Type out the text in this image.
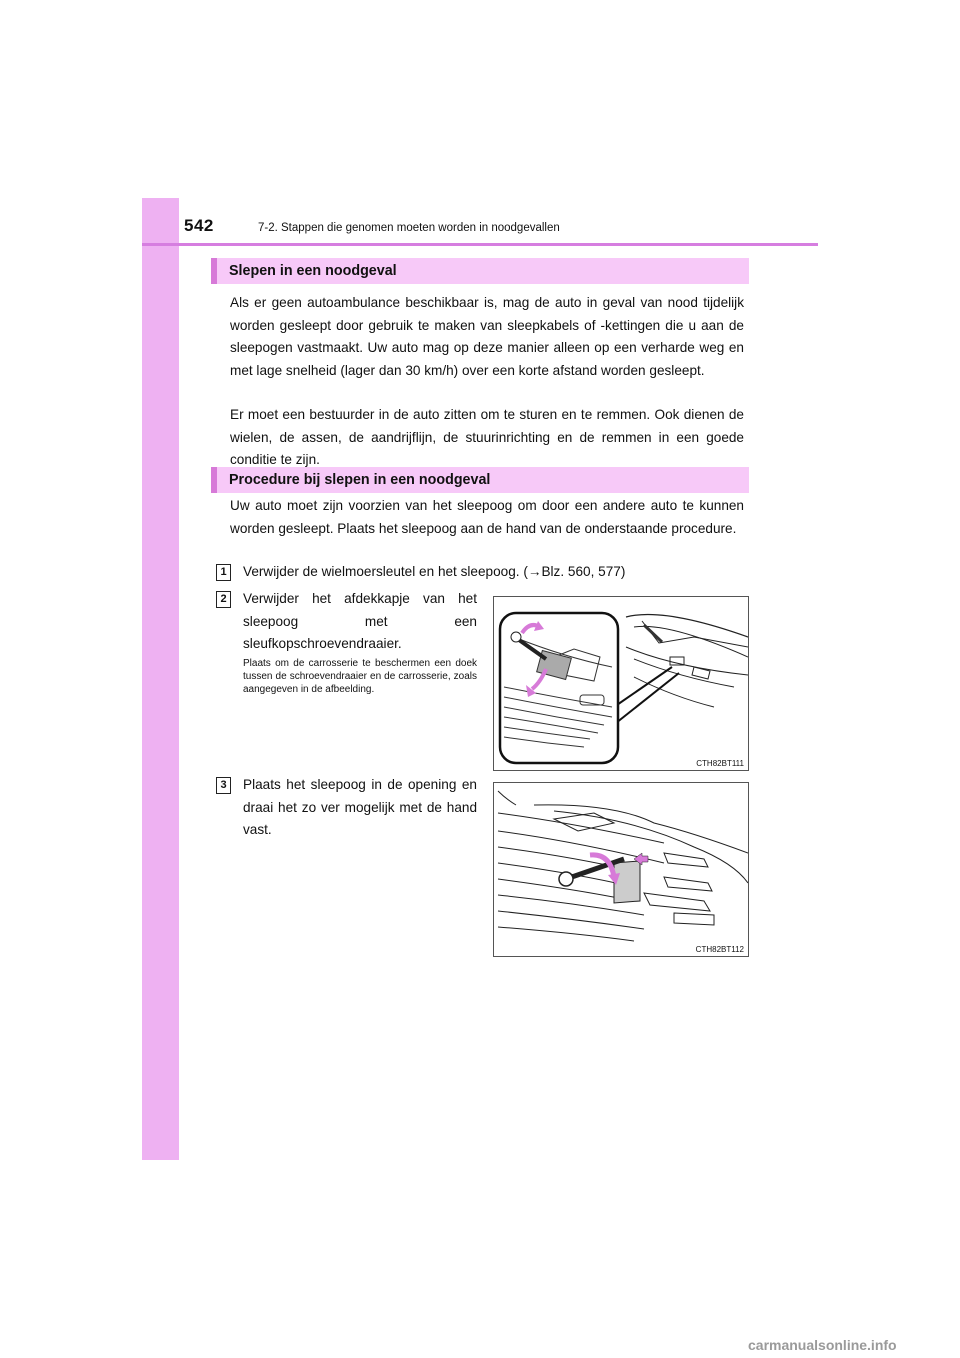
542	7-2. Stappen die genomen moeten worden in noodgevallen
Slepen in een noodgeval

Als er geen autoambulance beschikbaar is, mag de auto in geval van nood tijdelijk worden gesleept door gebruik te maken van sleepkabels of -kettingen die u aan de sleepogen vastmaakt. Uw auto mag op deze manier alleen op een verharde weg en met lage snelheid (lager dan 30 km/h) over een korte afstand worden gesleept.

Er moet een bestuurder in de auto zitten om te sturen en te remmen. Ook dienen de wielen, de assen, de aandrijflijn, de stuurinrichting en de remmen in een goede conditie te zijn.

Procedure bij slepen in een noodgeval

Uw auto moet zijn voorzien van het sleepoog om door een andere auto te kunnen worden gesleept. Plaats het sleepoog aan de hand van de onderstaande procedure.

1	Verwijder de wielmoersleutel en het sleepoog. (→Blz. 560, 577)

2	Verwijder het afdekkapje van het sleepoog met een sleufkopschroevendraaier.

Plaats om de carrosserie te beschermen een doek tussen de schroevendraaier en de carrosserie, zoals aangegeven in de afbeelding.

3	Plaats het sleepoog in de opening en draai het zo ver mogelijk met de hand vast.

CTH82BT111
CTH82BT112
carmanualsonline.info
